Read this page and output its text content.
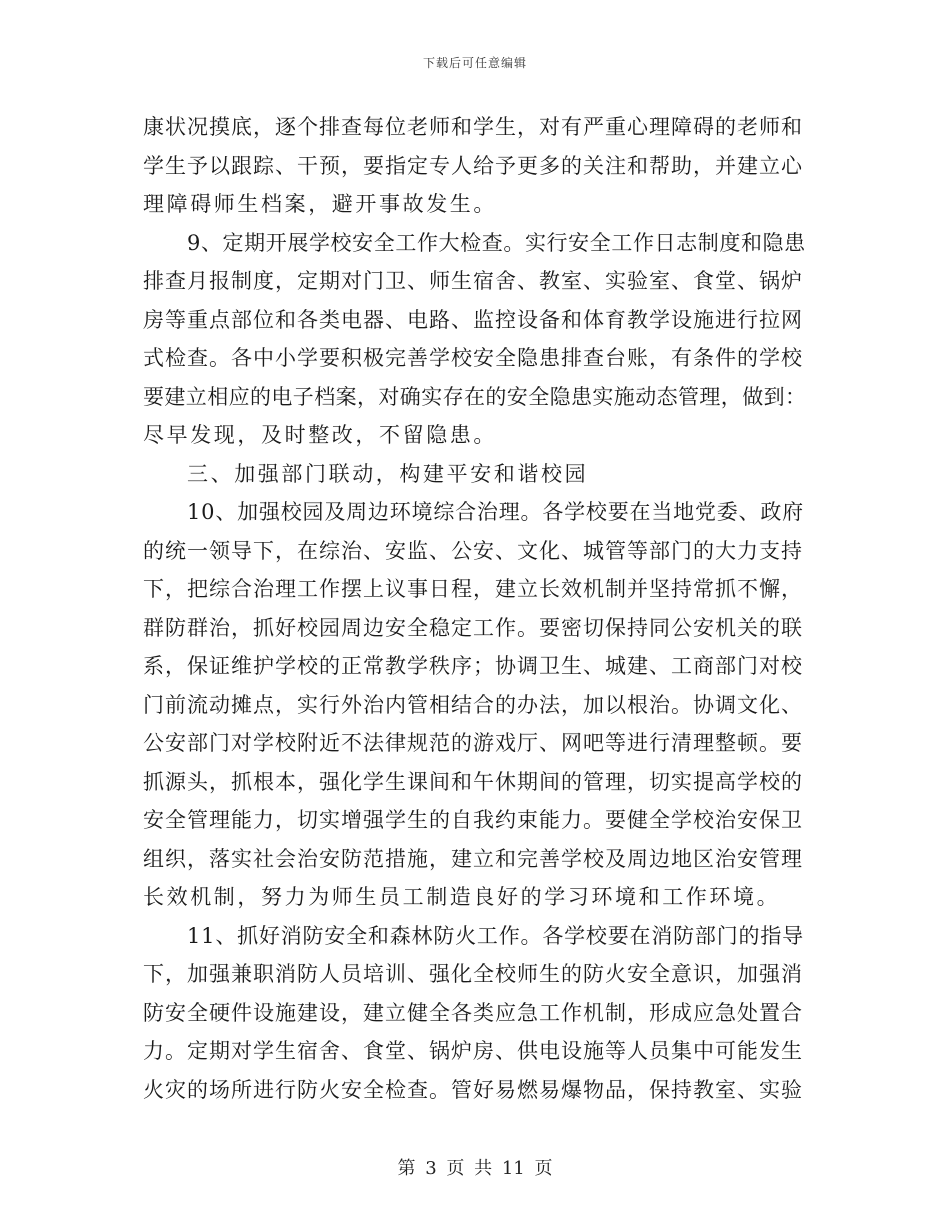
下载后可任意编辑
康状况摸底，逐个排查每位老师和学生，对有严重心理障碍的老师和
学生予以跟踪、干预，要指定专人给予更多的关注和帮助，并建立心
理障碍师生档案，避开事故发生。
9、定期开展学校安全工作大检查。实行安全工作日志制度和隐患
排查月报制度，定期对门卫、师生宿舍、教室、实验室、食堂、锅炉
房等重点部位和各类电器、电路、监控设备和体育教学设施进行拉网
式检查。各中小学要积极完善学校安全隐患排查台账，有条件的学校
要建立相应的电子档案，对确实存在的安全隐患实施动态管理，做到：
尽早发现，及时整改，不留隐患。
三、加强部门联动，构建平安和谐校园
10、加强校园及周边环境综合治理。各学校要在当地党委、政府
的统一领导下，在综治、安监、公安、文化、城管等部门的大力支持
下，把综合治理工作摆上议事日程，建立长效机制并坚持常抓不懈，
群防群治，抓好校园周边安全稳定工作。要密切保持同公安机关的联
系，保证维护学校的正常教学秩序；协调卫生、城建、工商部门对校
门前流动摊点，实行外治内管相结合的办法，加以根治。协调文化、
公安部门对学校附近不法律规范的游戏厅、网吧等进行清理整顿。要
抓源头，抓根本，强化学生课间和午休期间的管理，切实提高学校的
安全管理能力，切实增强学生的自我约束能力。要健全学校治安保卫
组织，落实社会治安防范措施，建立和完善学校及周边地区治安管理
长效机制，努力为师生员工制造良好的学习环境和工作环境。
11、抓好消防安全和森林防火工作。各学校要在消防部门的指导
下，加强兼职消防人员培训、强化全校师生的防火安全意识，加强消
防安全硬件设施建设，建立健全各类应急工作机制，形成应急处置合
力。定期对学生宿舍、食堂、锅炉房、供电设施等人员集中可能发生
火灾的场所进行防火安全检查。管好易燃易爆物品，保持教室、实验
第 3 页 共 11 页
